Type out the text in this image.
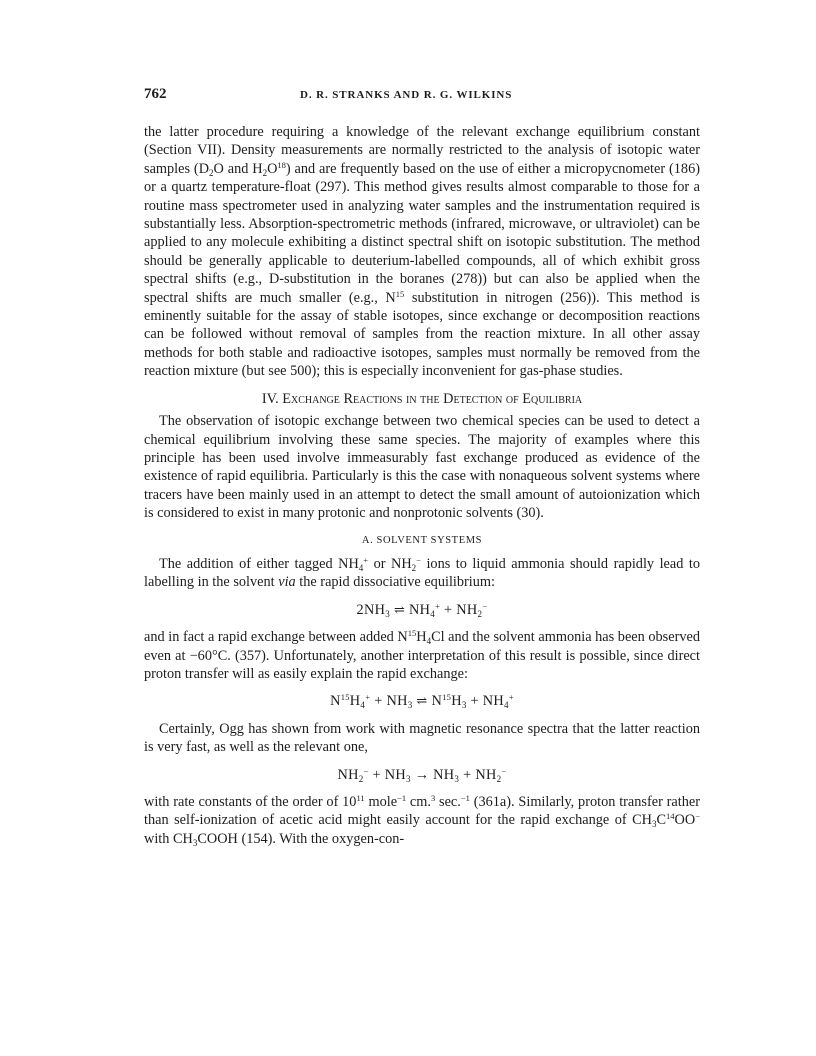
762	D. R. STRANKS AND R. G. WILKINS

the latter procedure requiring a knowledge of the relevant exchange equilibrium constant (Section VII). Density measurements are normally restricted to the analysis of isotopic water samples ($D_2O$ and $H_2O^{18}$) and are frequently based on the use of either a micropycnometer (186) or a quartz temperature-float (297). This method gives results almost comparable to those for a routine mass spectrometer used in analyzing water samples and the instrumentation required is substantially less. Absorption-spectrometric methods (infrared, microwave, or ultraviolet) can be applied to any molecule exhibiting a distinct spectral shift on isotopic substitution. The method should be generally applicable to deuterium-labelled compounds, all of which exhibit gross spectral shifts (e.g., D-substitution in the boranes (278)) but can also be applied when the spectral shifts are much smaller (e.g., $N^{15}$ substitution in nitrogen (256)). This method is eminently suitable for the assay of stable isotopes, since exchange or decomposition reactions can be followed without removal of samples from the reaction mixture. In all other assay methods for both stable and radioactive isotopes, samples must normally be removed from the reaction mixture (but see 500); this is especially inconvenient for gas-phase studies.

IV. Exchange Reactions in the Detection of Equilibria

The observation of isotopic exchange between two chemical species can be used to detect a chemical equilibrium involving these same species. The majority of examples where this principle has been used involve immeasurably fast exchange produced as evidence of the existence of rapid equilibria. Particularly is this the case with nonaqueous solvent systems where tracers have been mainly used in an attempt to detect the small amount of autoionization which is considered to exist in many protonic and nonprotonic solvents (30).

A. SOLVENT SYSTEMS

The addition of either tagged $NH_4^+$ or $NH_2^-$ ions to liquid ammonia should rapidly lead to labelling in the solvent via the rapid dissociative equilibrium:

$2NH_3$ ⇌ $NH_4^+ + NH_2^-$

and in fact a rapid exchange between added $N^{15}H_4Cl$ and the solvent ammonia has been observed even at −60°C. (357). Unfortunately, another interpretation of this result is possible, since direct proton transfer will as easily explain the rapid exchange:

$N^{15}H_4^+ + NH_3$ ⇌ $N^{15}H_3 + NH_4^+$

Certainly, Ogg has shown from work with magnetic resonance spectra that the latter reaction is very fast, as well as the relevant one,

$NH_2^- + NH_3 \to NH_3 + NH_2^-$

with rate constants of the order of $10^{11}$ mole$^{-1}$ cm.$^3$ sec.$^{-1}$ (361a). Similarly, proton transfer rather than self-ionization of acetic acid might easily account for the rapid exchange of $CH_3C^{14}OO^-$ with $CH_3COOH$ (154). With the oxygen-con-
